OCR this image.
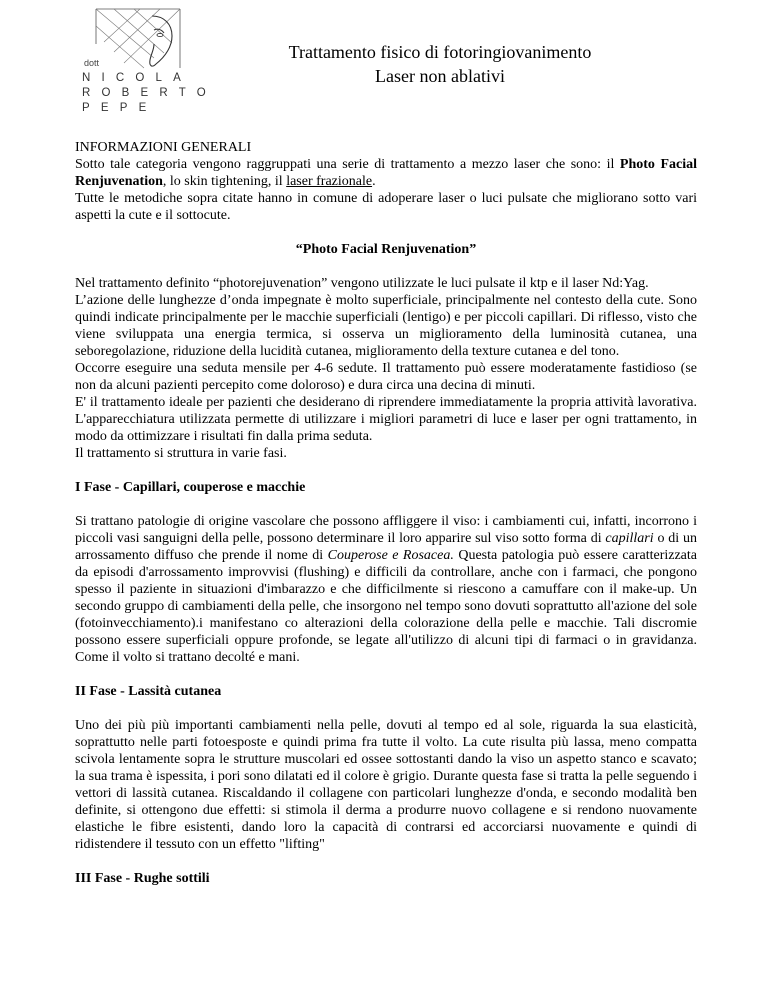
dott
NICOLA
ROBERTO
PEPE
Trattamento fisico di fotoringiovanimento
Laser non ablativi

INFORMAZIONI GENERALI

Sotto tale categoria vengono raggruppati una serie di trattamento a mezzo laser che sono: il Photo Facial Renjuvenation, lo skin tightening, il laser frazionale.

Tutte le metodiche sopra citate hanno in comune di adoperare laser o luci pulsate che migliorano sotto vari aspetti la cute e il sottocute.

“Photo Facial Renjuvenation”

Nel trattamento definito “photorejuvenation” vengono utilizzate le luci pulsate il ktp e il laser Nd:Yag.

L’azione delle lunghezze d’onda impegnate è molto superficiale, principalmente nel contesto della cute. Sono quindi indicate principalmente per le macchie superficiali (lentigo) e per piccoli capillari. Di riflesso, visto che viene sviluppata una energia termica, si osserva un miglioramento della luminosità cutanea, una seboregolazione, riduzione della lucidità cutanea, miglioramento della texture cutanea e del tono.

Occorre eseguire una seduta mensile per 4-6 sedute. Il trattamento può essere moderatamente fastidioso (se non da alcuni pazienti percepito come doloroso) e dura circa una decina di minuti.

E' il trattamento ideale per pazienti che desiderano di riprendere immediatamente la propria attività lavorativa. L'apparecchiatura utilizzata permette di utilizzare i migliori parametri di luce e laser per ogni trattamento, in modo da ottimizzare i risultati fin dalla prima seduta.

Il trattamento si struttura in varie fasi.

I Fase - Capillari, couperose e macchie

Si trattano patologie di origine vascolare che possono affliggere il viso: i cambiamenti cui, infatti, incorrono i piccoli vasi sanguigni della pelle, possono determinare il loro apparire sul viso sotto forma di capillari o di un arrossamento diffuso che prende il nome di Couperose e Rosacea. Questa patologia può essere caratterizzata da episodi d'arrossamento improvvisi (flushing) e difficili da controllare, anche con i farmaci, che pongono spesso il paziente in situazioni d'imbarazzo e che difficilmente si riescono a camuffare con il make-up. Un secondo gruppo di cambiamenti della pelle, che insorgono nel tempo sono dovuti soprattutto all'azione del sole (fotoinvecchiamento).i manifestano co alterazioni della colorazione della pelle e macchie. Tali discromie possono essere superficiali oppure profonde, se legate all'utilizzo di alcuni tipi di farmaci o in gravidanza. Come il volto si trattano decolté e mani.

II Fase - Lassità cutanea

Uno dei più più importanti cambiamenti nella pelle, dovuti al tempo ed al sole, riguarda la sua elasticità, soprattutto nelle parti fotoesposte e quindi prima fra tutte il volto. La cute risulta più lassa, meno compatta scivola lentamente sopra le strutture muscolari ed ossee sottostanti dando la viso un aspetto stanco e scavato; la sua trama è ispessita, i pori sono dilatati ed il colore è grigio. Durante questa fase si tratta la pelle seguendo i vettori di lassità cutanea. Riscaldando il collagene con particolari lunghezze d'onda, e secondo modalità ben definite, si ottengono due effetti: si stimola il derma a produrre nuovo collagene e si rendono nuovamente elastiche le fibre esistenti, dando loro la capacità di contrarsi ed accorciarsi nuovamente e quindi di ridistendere il tessuto con un effetto "lifting"

III Fase - Rughe sottili
